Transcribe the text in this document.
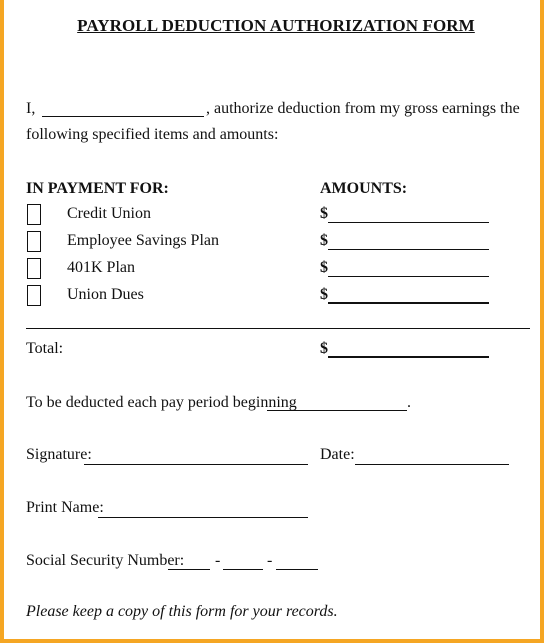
PAYROLL DEDUCTION AUTHORIZATION FORM
I,	, authorize deduction from my gross earnings the
following specified items and amounts:
IN PAYMENT FOR:	AMOUNTS:
Credit Union	$
Employee Savings Plan	$
401K Plan	$
Union Dues	$
Total:	$
To be deducted each pay period beginning	.
Signature:	Date:
Print Name:
Social Security Number: -	-
Please keep a copy of this form for your records.
